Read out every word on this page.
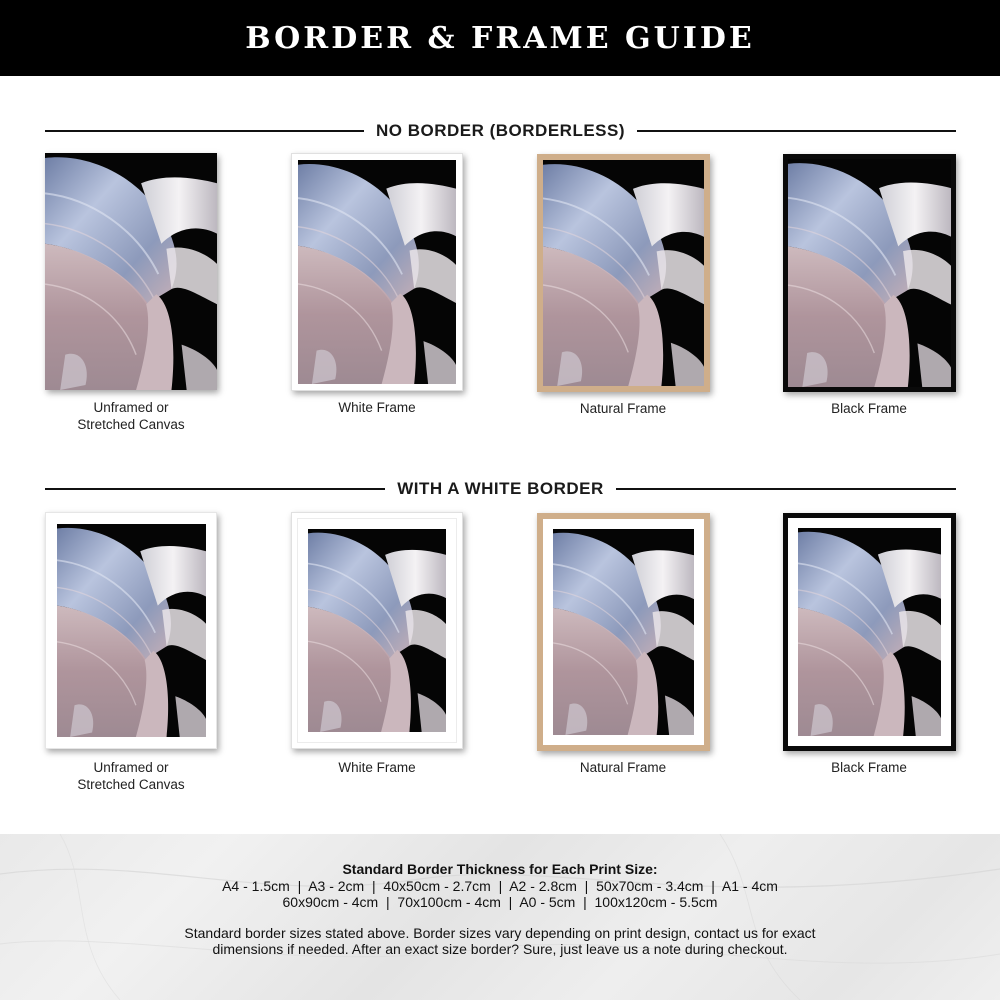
BORDER & FRAME GUIDE
NO BORDER (BORDERLESS)
WITH A WHITE BORDER
Unframed or
Stretched Canvas
White Frame	Natural Frame	Black Frame
Unframed or
Stretched Canvas
White Frame	Natural Frame	Black Frame
Standard Border Thickness for Each Print Size:
A4 - 1.5cm  |  A3 - 2cm  |  40x50cm - 2.7cm  |  A2 - 2.8cm  |  50x70cm - 3.4cm  |  A1 - 4cm
60x90cm - 4cm  |  70x100cm - 4cm  |  A0 - 5cm  |  100x120cm - 5.5cm
Standard border sizes stated above. Border sizes vary depending on print design, contact us for exact
dimensions if needed. After an exact size border? Sure, just leave us a note during checkout.
